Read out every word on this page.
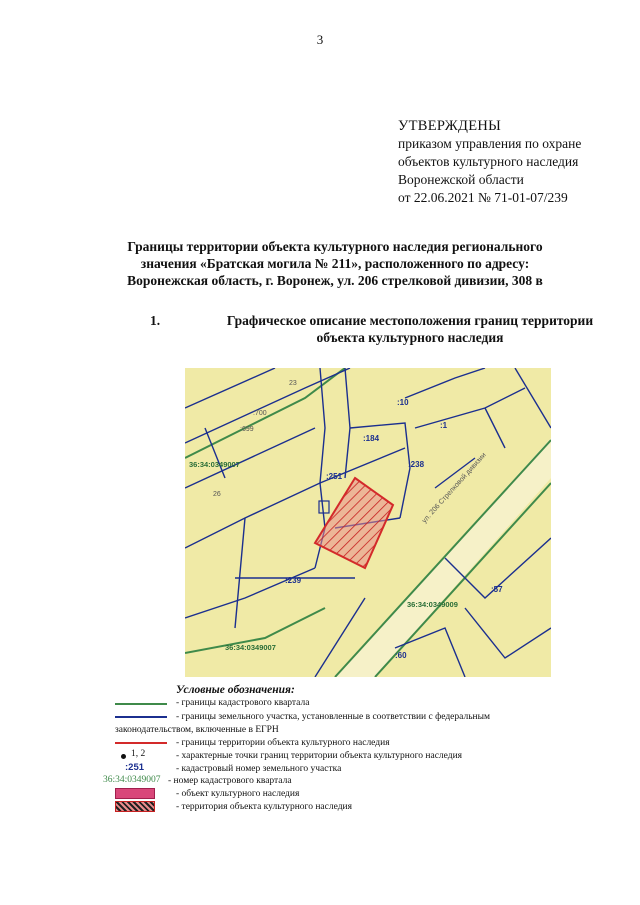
3
УТВЕРЖДЕНЫ
приказом управления по охране
объектов культурного наследия
Воронежской области
от 22.06.2021 № 71-01-07/239
Границы территории объекта культурного наследия регионального
значения «Братская могила № 211», расположенного по адресу:
Воронежская область, г. Воронеж, ул. 206 стрелковой дивизии, 308 в
1.	Графическое описание местоположения границ территории
объекта культурного наследия
23
:700
:699
:10
:1
:184
:238
:251
26
:239
:57
:60
36:34:0349007
36:34:0349009
36:34:0349007
ул. 206 Стрелковой дивизии
Условные обозначения:
- границы кадастрового квартала
- границы земельного участка, установленные в соответствии с федеральным
законодательством, включенные в ЕГРН
- границы территории объекта культурного наследия
1, 2	- характерные точки границ территории объекта культурного наследия
:251	- кадастровый номер земельного участка
36:34:0349007 - номер кадастрового квартала
- объект культурного наследия
- территория объекта культурного наследия
